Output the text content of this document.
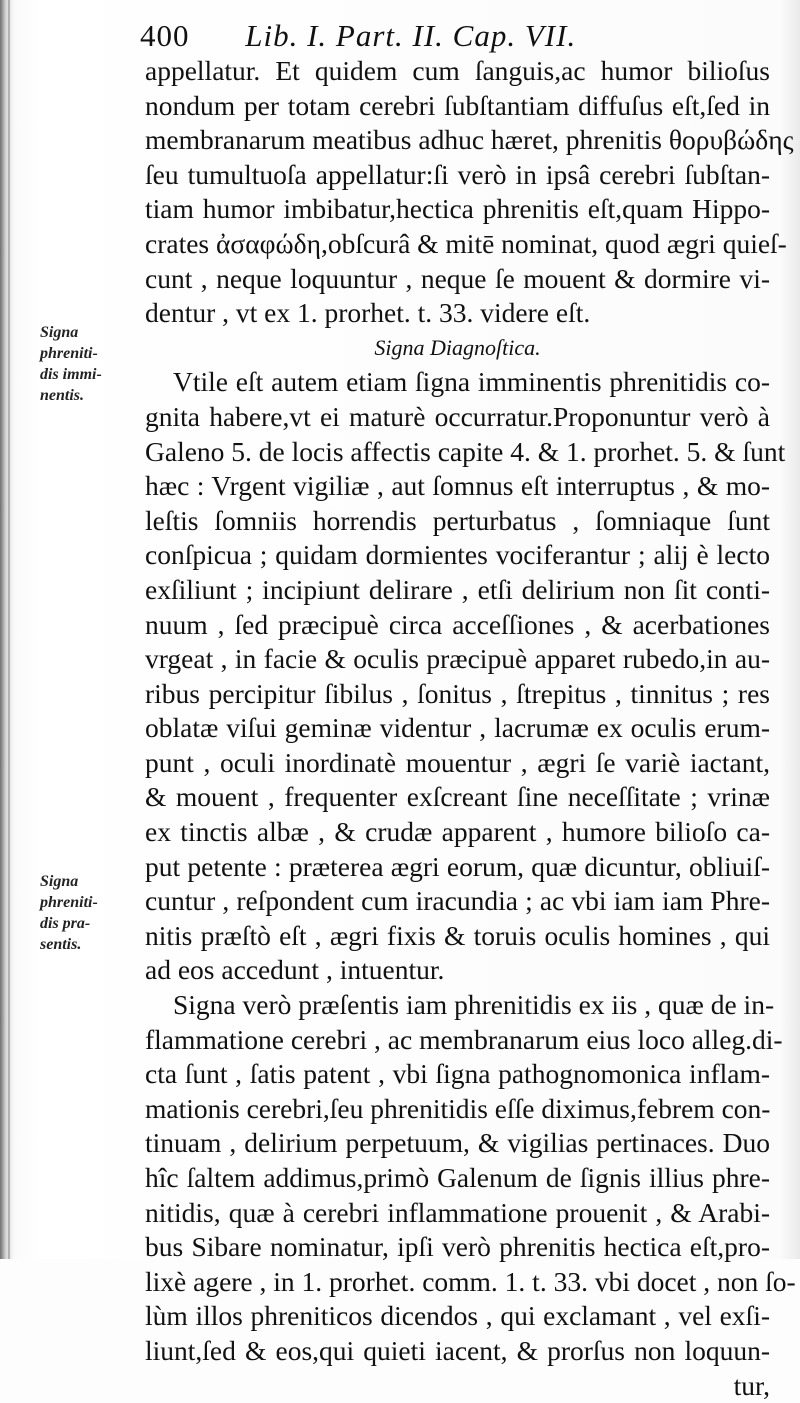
400 Lib. I. Part. II. Cap. VII.
Signa
phreniti-
dis immi-
nentis.
Signa
phreniti-
dis pra-
sentis.
appellatur. Et quidem cum ſanguis,ac humor bilioſus
nondum per totam cerebri ſubſtantiam diffuſus eſt,ſed in
membranarum meatibus adhuc hæret, phrenitis θορυβώδης
ſeu tumultuoſa appellatur:ſi verò in ipsâ cerebri ſubſtan-
tiam humor imbibatur,hectica phrenitis eſt,quam Hippo-
crates ἀσαφώδη,obſcurâ & mitē nominat, quod ægri quieſ-
cunt , neque loquuntur , neque ſe mouent & dormire vi-
dentur , vt ex 1. prorhet. t. 33. videre eſt.
Signa Diagnoſtica.
Vtile eſt autem etiam ſigna imminentis phrenitidis co-
gnita habere,vt ei maturè occurratur.Proponuntur verò à
Galeno 5. de locis affectis capite 4. & 1. prorhet. 5. & ſunt
hæc : Vrgent vigiliæ , aut ſomnus eſt interruptus , & mo-
leſtis ſomniis horrendis perturbatus , ſomniaque ſunt
conſpicua ; quidam dormientes vociferantur ; alij è lecto
exſiliunt ; incipiunt delirare , etſi delirium non ſit conti-
nuum , ſed præcipuè circa acceſſiones , & acerbationes
vrgeat , in facie & oculis præcipuè apparet rubedo,in au-
ribus percipitur ſibilus , ſonitus , ſtrepitus , tinnitus ; res
oblatæ viſui geminæ videntur , lacrumæ ex oculis erum-
punt , oculi inordinatè mouentur , ægri ſe variè iactant,
& mouent , frequenter exſcreant ſine neceſſitate ; vrinæ
ex tinctis albæ , & crudæ apparent , humore bilioſo ca-
put petente : præterea ægri eorum, quæ dicuntur, obliuiſ-
cuntur , reſpondent cum iracundia ; ac vbi iam iam Phre-
nitis præſtò eſt , ægri fixis & toruis oculis homines , qui
ad eos accedunt , intuentur.
Signa verò præſentis iam phrenitidis ex iis , quæ de in-
flammatione cerebri , ac membranarum eius loco alleg.di-
cta ſunt , ſatis patent , vbi ſigna pathognomonica inflam-
mationis cerebri,ſeu phrenitidis eſſe diximus,febrem con-
tinuam , delirium perpetuum, & vigilias pertinaces. Duo
hîc ſaltem addimus,primò Galenum de ſignis illius phre-
nitidis, quæ à cerebri inflammatione prouenit , & Arabi-
bus Sibare nominatur, ipſi verò phrenitis hectica eſt,pro-
lixè agere , in 1. prorhet. comm. 1. t. 33. vbi docet , non ſo-
lùm illos phreniticos dicendos , qui exclamant , vel exſi-
liunt,ſed & eos,qui quieti iacent, & prorſus non loquun-
tur,
